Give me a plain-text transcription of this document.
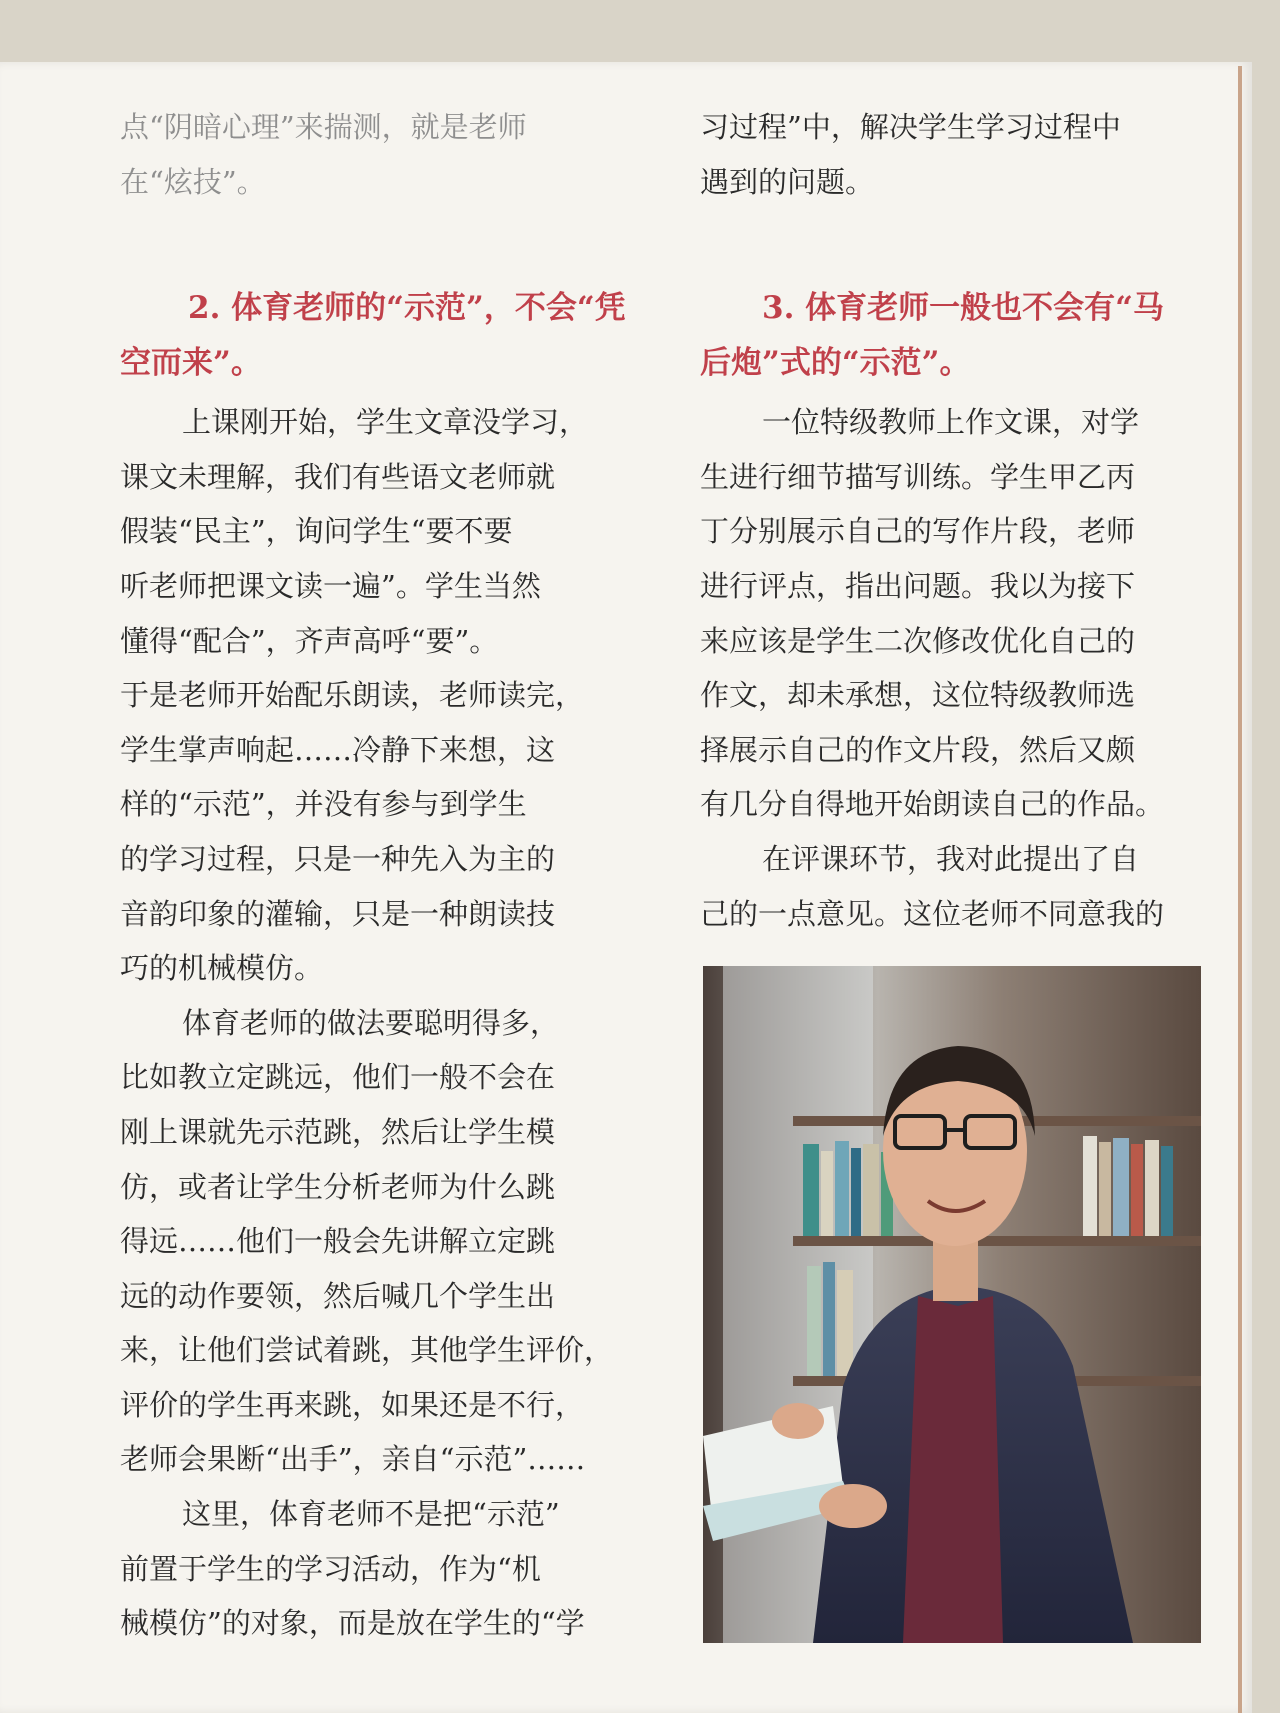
点“阴暗心理”来揣测，就是老师
在“炫技”。
2. 体育老师的“示范”，不会“凭
空而来”。
上课刚开始，学生文章没学习，
课文未理解，我们有些语文老师就
假装“民主”，询问学生“要不要
听老师把课文读一遍”。学生当然
懂得“配合”，齐声高呼“要”。
于是老师开始配乐朗读，老师读完，
学生掌声响起……冷静下来想，这
样的“示范”，并没有参与到学生
的学习过程，只是一种先入为主的
音韵印象的灌输，只是一种朗读技
巧的机械模仿。
体育老师的做法要聪明得多，
比如教立定跳远，他们一般不会在
刚上课就先示范跳，然后让学生模
仿，或者让学生分析老师为什么跳
得远……他们一般会先讲解立定跳
远的动作要领，然后喊几个学生出
来，让他们尝试着跳，其他学生评价，
评价的学生再来跳，如果还是不行，
老师会果断“出手”，亲自“示范”……
这里，体育老师不是把“示范”
前置于学生的学习活动，作为“机
械模仿”的对象，而是放在学生的“学
习过程”中，解决学生学习过程中
遇到的问题。
3. 体育老师一般也不会有“马
后炮”式的“示范”。
一位特级教师上作文课，对学
生进行细节描写训练。学生甲乙丙
丁分别展示自己的写作片段，老师
进行评点，指出问题。我以为接下
来应该是学生二次修改优化自己的
作文，却未承想，这位特级教师选
择展示自己的作文片段，然后又颇
有几分自得地开始朗读自己的作品。
在评课环节，我对此提出了自
己的一点意见。这位老师不同意我的
